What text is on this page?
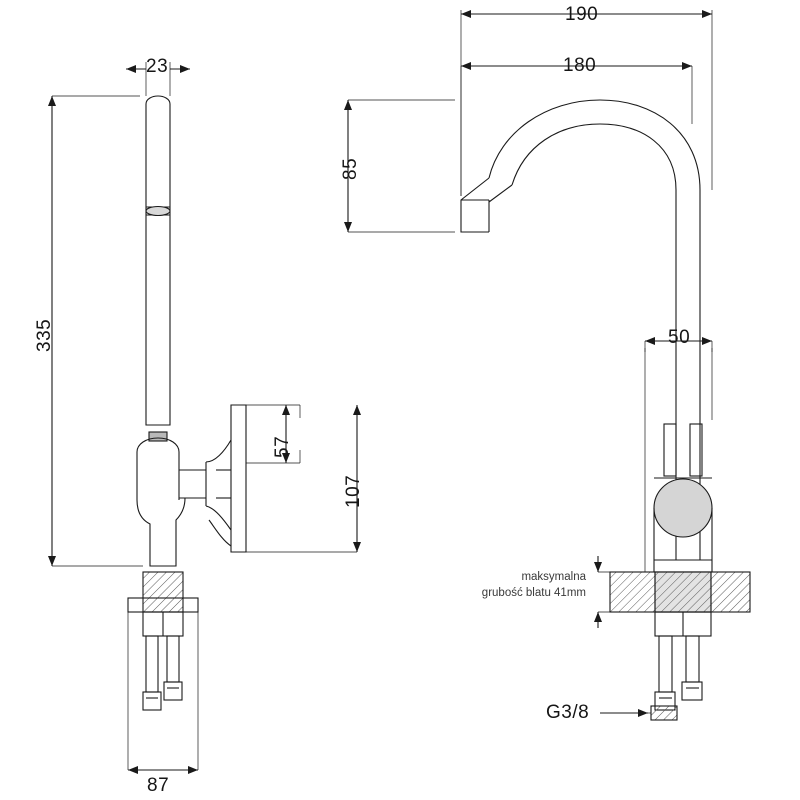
23
335
57
107
87
190
180
85
50
G3/8
maksymalna
grubość blatu 41mm
